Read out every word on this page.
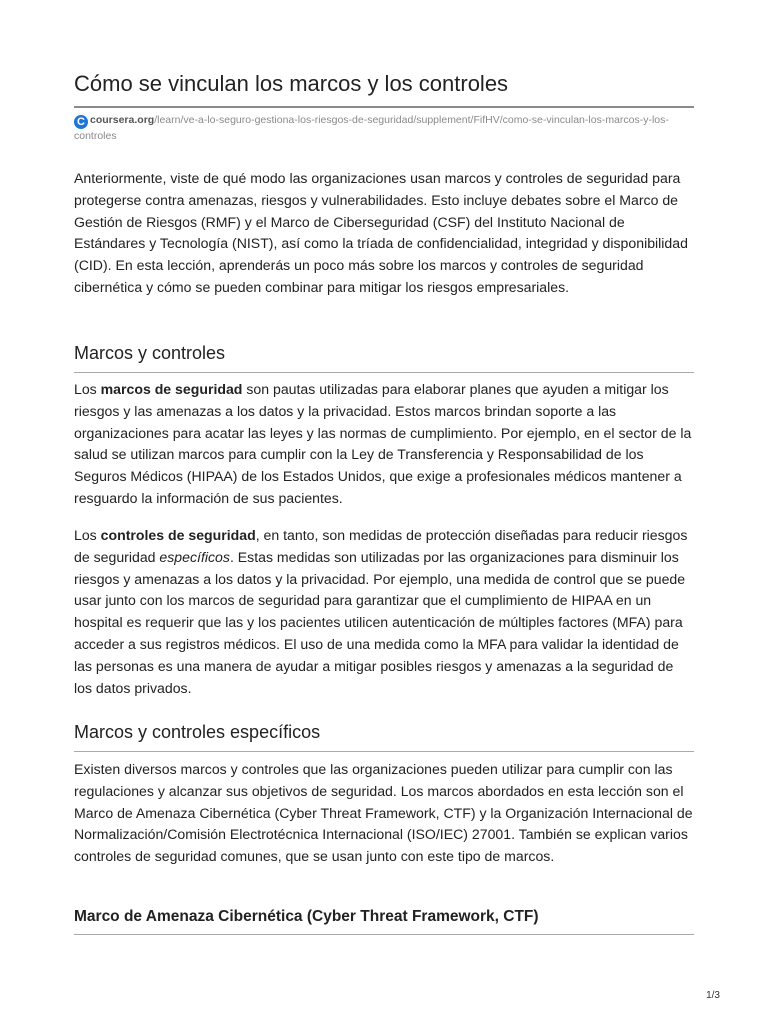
Cómo se vinculan los marcos y los controles
C coursera.org/learn/ve-a-lo-seguro-gestiona-los-riesgos-de-seguridad/supplement/FifHV/como-se-vinculan-los-marcos-y-los-controles

Anteriormente, viste de qué modo las organizaciones usan marcos y controles de seguridad para protegerse contra amenazas, riesgos y vulnerabilidades. Esto incluye debates sobre el Marco de Gestión de Riesgos (RMF) y el Marco de Ciberseguridad (CSF) del Instituto Nacional de Estándares y Tecnología (NIST), así como la tríada de confidencialidad, integridad y disponibilidad (CID). En esta lección, aprenderás un poco más sobre los marcos y controles de seguridad cibernética y cómo se pueden combinar para mitigar los riesgos empresariales.

Marcos y controles

Los marcos de seguridad son pautas utilizadas para elaborar planes que ayuden a mitigar los riesgos y las amenazas a los datos y la privacidad. Estos marcos brindan soporte a las organizaciones para acatar las leyes y las normas de cumplimiento. Por ejemplo, en el sector de la salud se utilizan marcos para cumplir con la Ley de Transferencia y Responsabilidad de los Seguros Médicos (HIPAA) de los Estados Unidos, que exige a profesionales médicos mantener a resguardo la información de sus pacientes.

Los controles de seguridad, en tanto, son medidas de protección diseñadas para reducir riesgos de seguridad específicos. Estas medidas son utilizadas por las organizaciones para disminuir los riesgos y amenazas a los datos y la privacidad. Por ejemplo, una medida de control que se puede usar junto con los marcos de seguridad para garantizar que el cumplimiento de HIPAA en un hospital es requerir que las y los pacientes utilicen autenticación de múltiples factores (MFA) para acceder a sus registros médicos. El uso de una medida como la MFA para validar la identidad de las personas es una manera de ayudar a mitigar posibles riesgos y amenazas a la seguridad de los datos privados.

Marcos y controles específicos

Existen diversos marcos y controles que las organizaciones pueden utilizar para cumplir con las regulaciones y alcanzar sus objetivos de seguridad. Los marcos abordados en esta lección son el Marco de Amenaza Cibernética (Cyber Threat Framework, CTF) y la Organización Internacional de Normalización/Comisión Electrotécnica Internacional (ISO/IEC) 27001. También se explican varios controles de seguridad comunes, que se usan junto con este tipo de marcos.

Marco de Amenaza Cibernética (Cyber Threat Framework, CTF)
1/3
